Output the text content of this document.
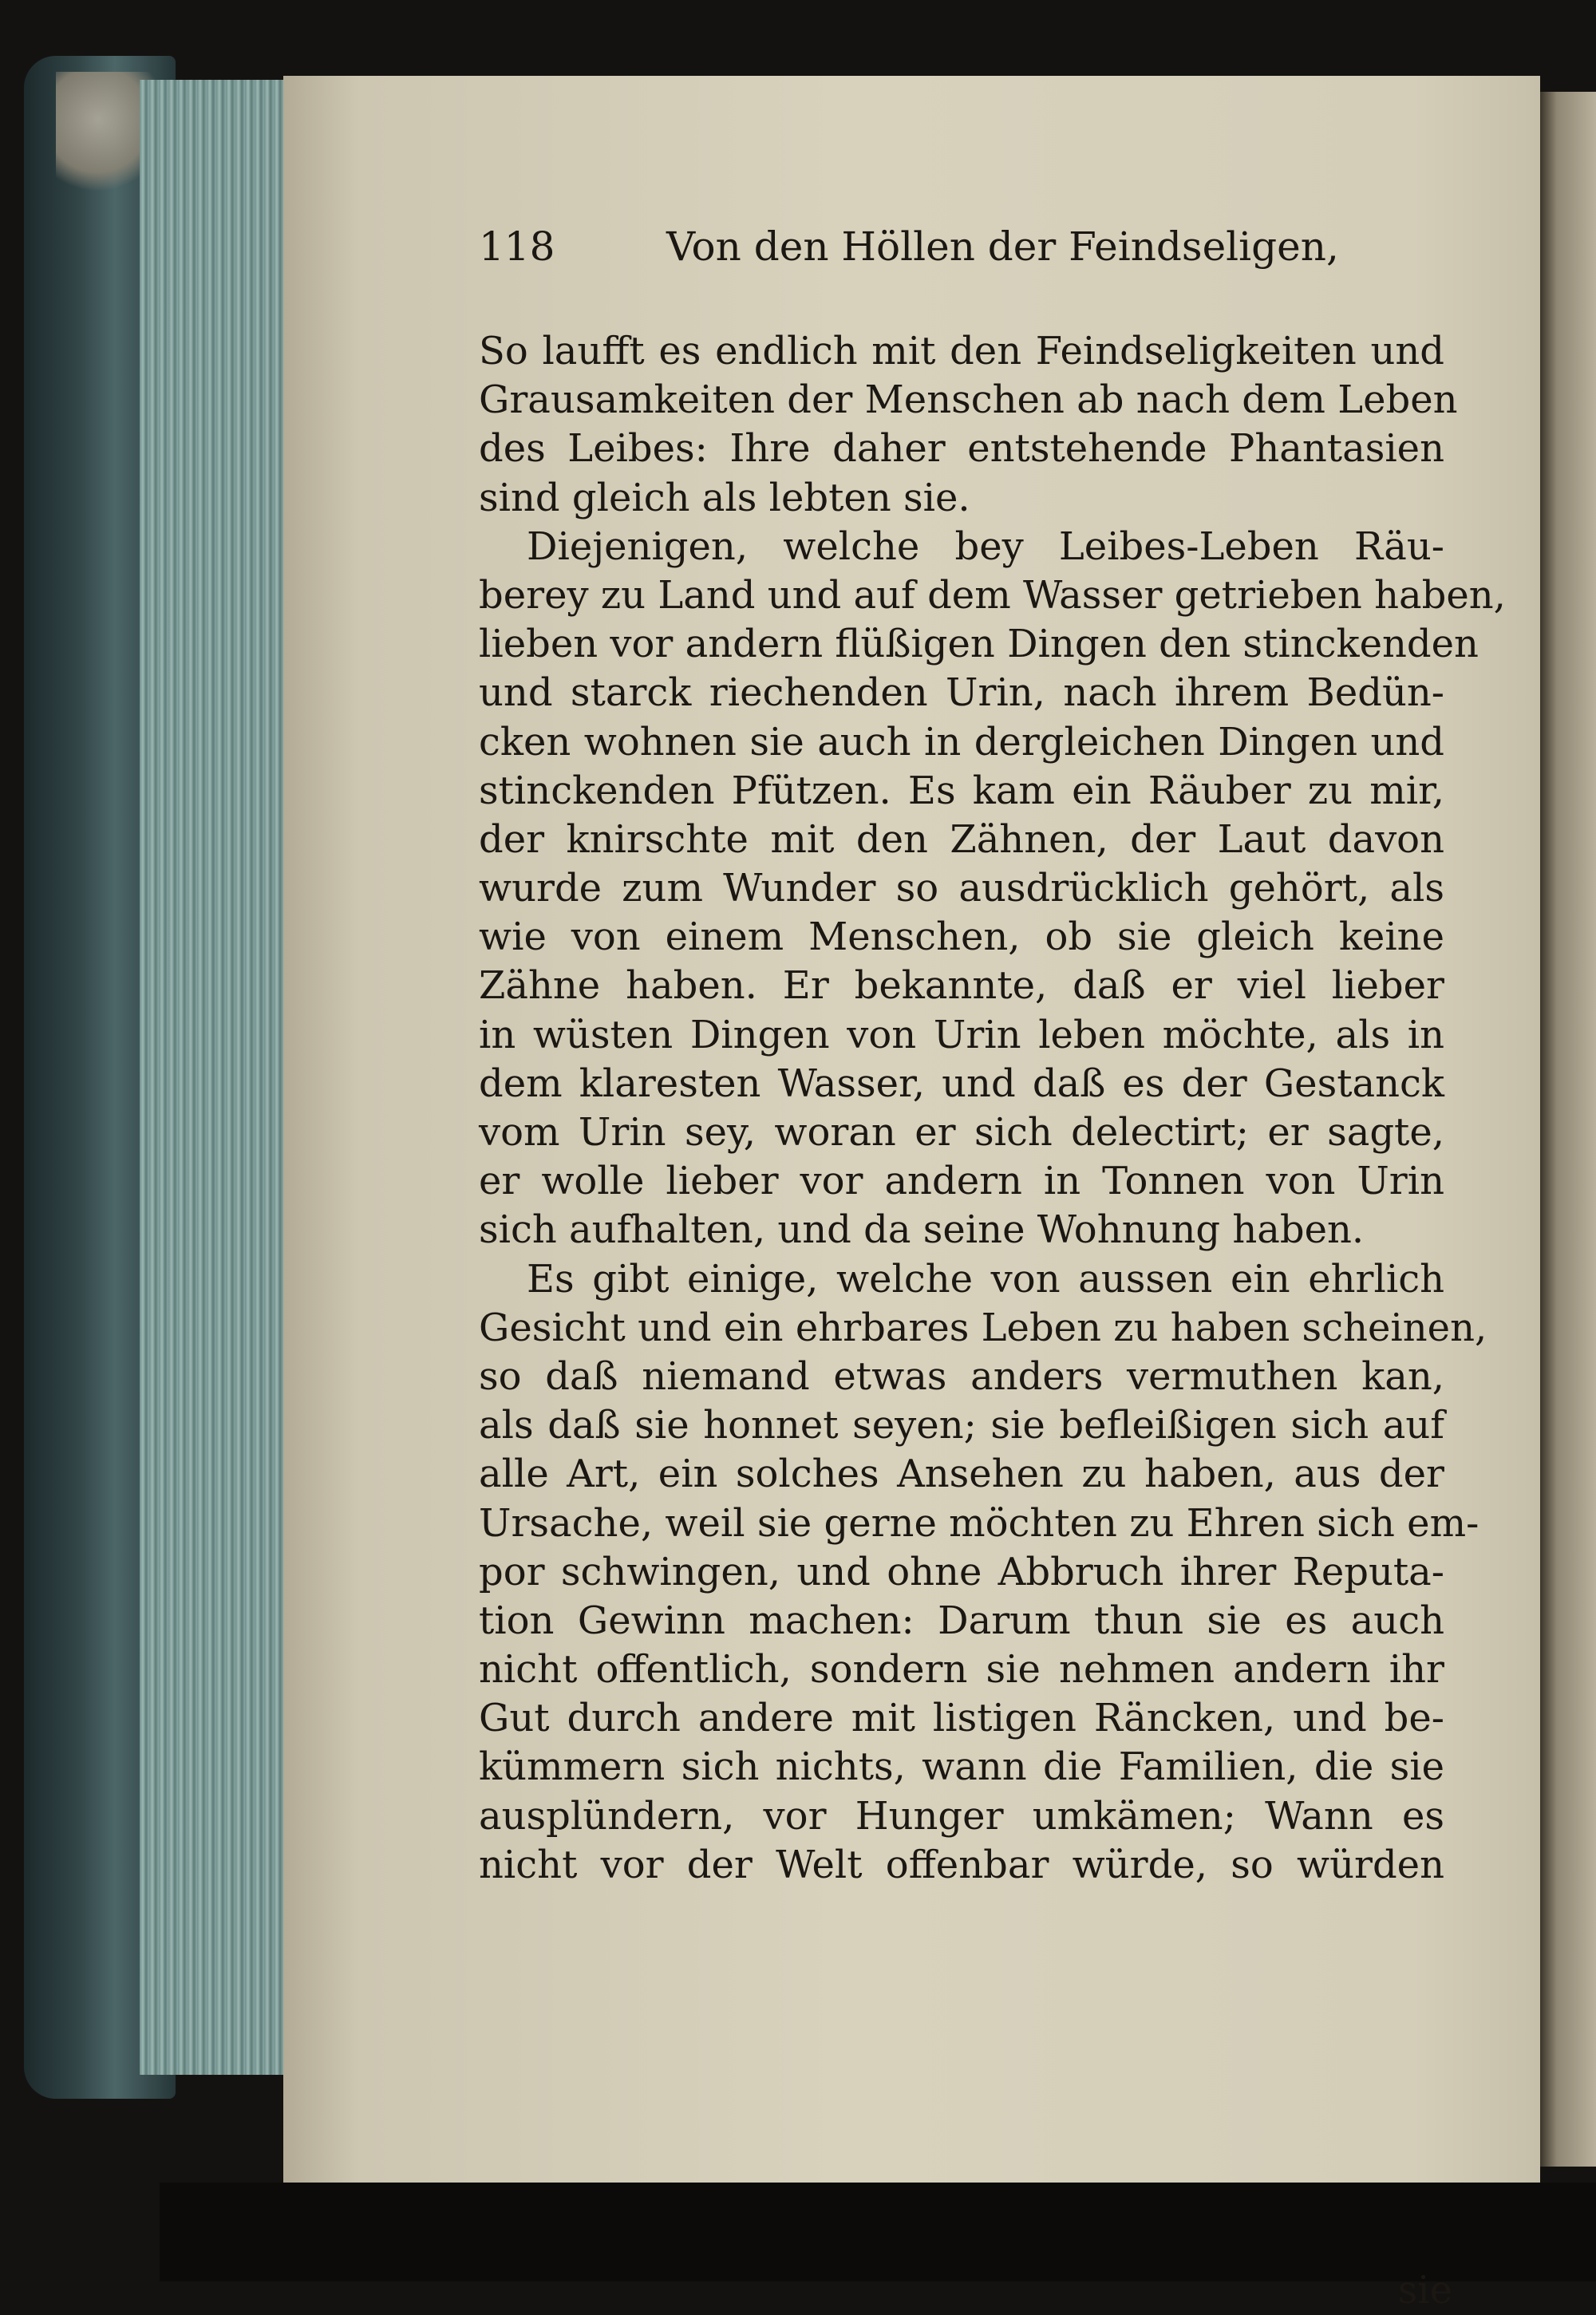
118	Von den Höllen der Feindseligen,
So laufft es endlich mit den Feindseligkeiten und
Grausamkeiten der Menschen ab nach dem Leben
des Leibes: Ihre daher entstehende Phantasien
sind gleich als lebten sie.
Diejenigen, welche bey Leibes-Leben Räu-
berey zu Land und auf dem Wasser getrieben haben,
lieben vor andern flüßigen Dingen den stinckenden
und starck riechenden Urin, nach ihrem Bedün-
cken wohnen sie auch in dergleichen Dingen und
stinckenden Pfützen. Es kam ein Räuber zu mir,
der knirschte mit den Zähnen, der Laut davon
wurde zum Wunder so ausdrücklich gehört, als
wie von einem Menschen, ob sie gleich keine
Zähne haben. Er bekannte, daß er viel lieber
in wüsten Dingen von Urin leben möchte, als in
dem klaresten Wasser, und daß es der Gestanck
vom Urin sey, woran er sich delectirt; er sagte,
er wolle lieber vor andern in Tonnen von Urin
sich aufhalten, und da seine Wohnung haben.
Es gibt einige, welche von aussen ein ehrlich
Gesicht und ein ehrbares Leben zu haben scheinen,
so daß niemand etwas anders vermuthen kan,
als daß sie honnet seyen; sie befleißigen sich auf
alle Art, ein solches Ansehen zu haben, aus der
Ursache, weil sie gerne möchten zu Ehren sich em-
por schwingen, und ohne Abbruch ihrer Reputa-
tion Gewinn machen: Darum thun sie es auch
nicht offentlich, sondern sie nehmen andern ihr
Gut durch andere mit listigen Räncken, und be-
kümmern sich nichts, wann die Familien, die sie
ausplündern, vor Hunger umkämen; Wann es
nicht vor der Welt offenbar würde, so würden
sie
